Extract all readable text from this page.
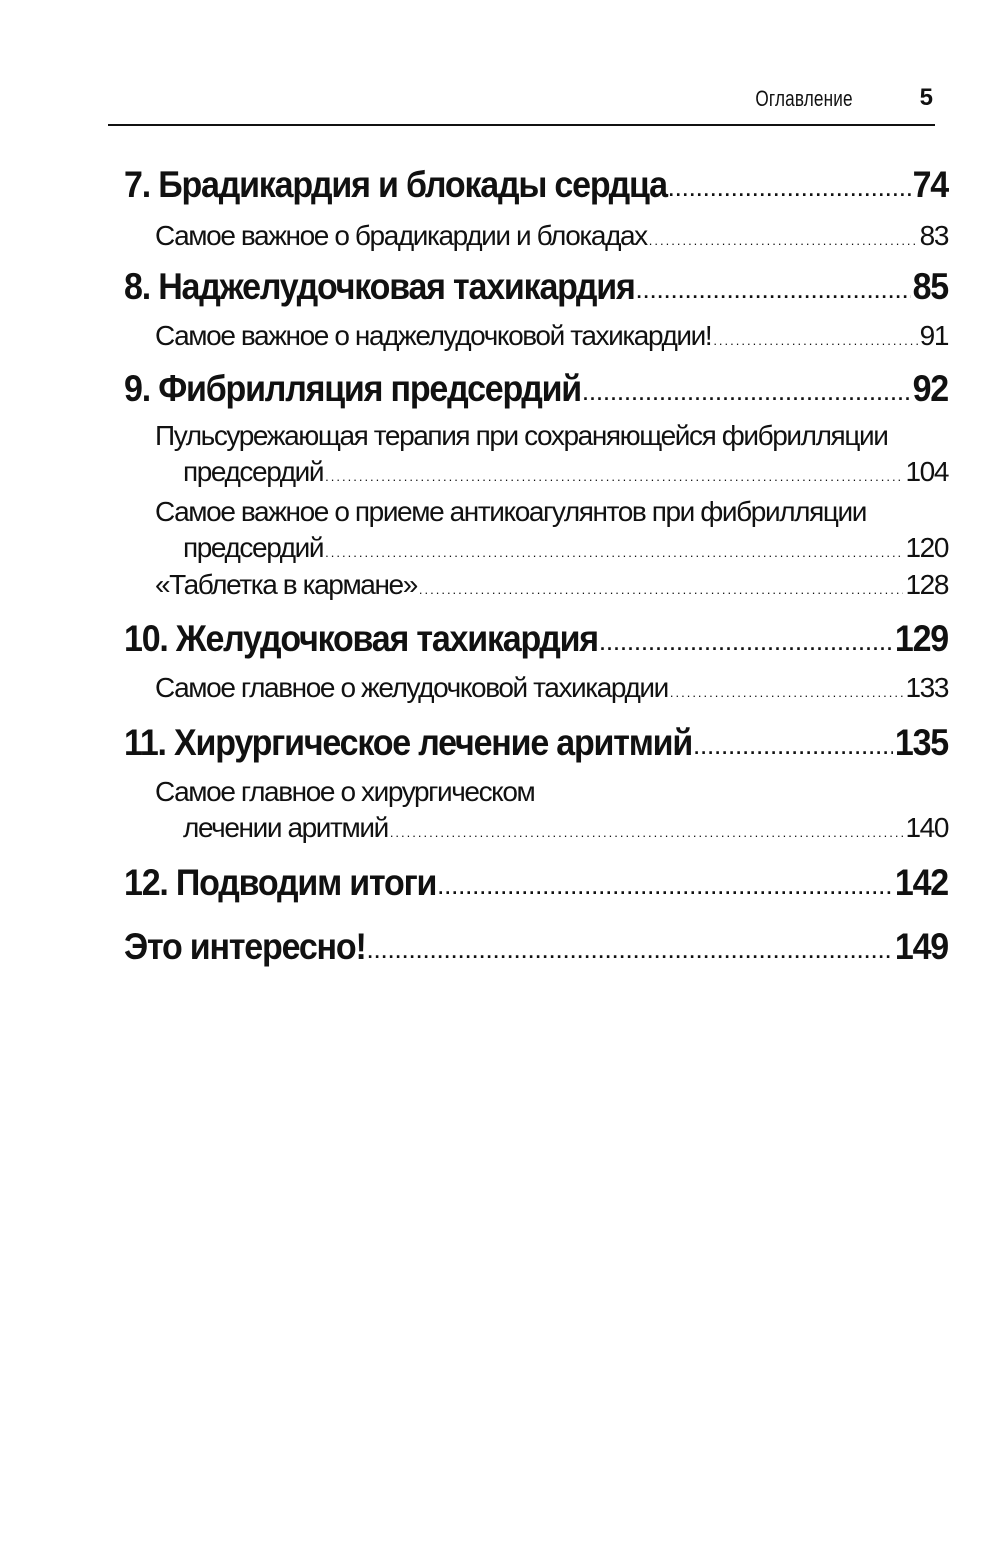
Оглавление	5
7. Брадикардия и блокады сердца .....	74
Самое важное о брадикардии и блокадах .....	83
8. Наджелудочковая тахикардия .....	85
Самое важное о наджелудочковой тахикардии! .....	91
9. Фибрилляция предсердий .....	92
Пульсурежающая терапия при сохраняющейся фибрилляции
предсердий .....	104
Самое важное о приеме антикоагулянтов при фибрилляции
предсердий .....	120
«Таблетка в кармане» .....	128
10. Желудочковая тахикардия .....	129
Самое главное о желудочковой тахикардии .....	133
11. Хирургическое лечение аритмий .....	135
Самое главное о хирургическом
лечении аритмий .....	140
12. Подводим итоги .....	142
Это интересно! .....	149
